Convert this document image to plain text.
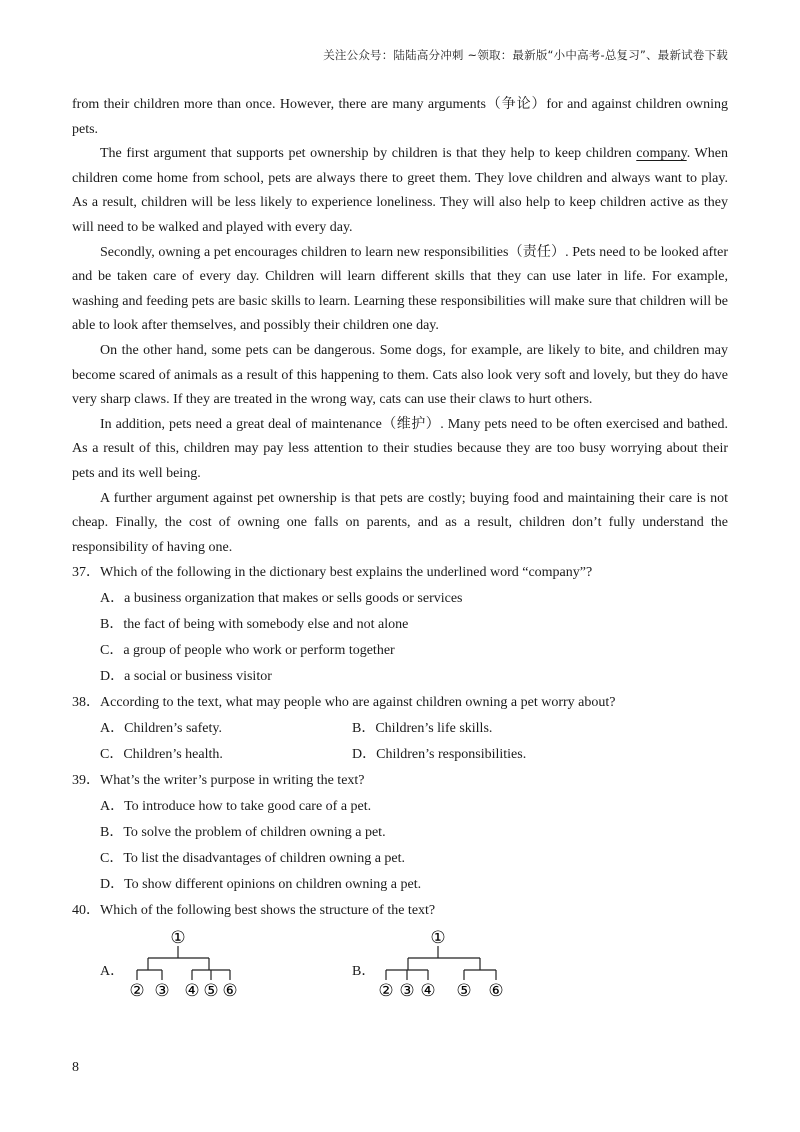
关注公众号：陆陆高分冲刺 ~领取：最新版“小中高考-总复习”、最新试卷下载

from their children more than once. However, there are many arguments（争论）for and against children owning pets.

The first argument that supports pet ownership by children is that they help to keep children company. When children come home from school, pets are always there to greet them. They love children and always want to play. As a result, children will be less likely to experience loneliness. They will also help to keep children active as they will need to be walked and played with every day.

Secondly, owning a pet encourages children to learn new responsibilities（责任）. Pets need to be looked after and be taken care of every day. Children will learn different skills that they can use later in life. For example, washing and feeding pets are basic skills to learn. Learning these responsibilities will make sure that children will be able to look after themselves, and possibly their children one day.

On the other hand, some pets can be dangerous. Some dogs, for example, are likely to bite, and children may become scared of animals as a result of this happening to them. Cats also look very soft and lovely, but they do have very sharp claws. If they are treated in the wrong way, cats can use their claws to hurt others.

In addition, pets need a great deal of maintenance（维护）. Many pets need to be often exercised and bathed. As a result of this, children may pay less attention to their studies because they are too busy worrying about their pets and its well being.

A further argument against pet ownership is that pets are costly; buying food and maintaining their care is not cheap. Finally, the cost of owning one falls on parents, and as a result, children don’t fully understand the responsibility of having one.

37．Which of the following in the dictionary best explains the underlined word “company”?

A．a business organization that makes or sells goods or services

B．the fact of being with somebody else and not alone

C．a group of people who work or perform together

D．a social or business visitor

38．According to the text, what may people who are against children owning a pet worry about?

A．Children’s safety.	B．Children’s life skills.
C．Children’s health.	D．Children’s responsibilities.

39．What’s the writer’s purpose in writing the text?

A．To introduce how to take good care of a pet.

B．To solve the problem of children owning a pet.

C．To list the disadvantages of children owning a pet.

D．To show different opinions on children owning a pet.

40．Which of the following best shows the structure of the text?

A．
①
② ③ ④ ⑤ ⑥
B．
①
② ③ ④ ⑤ ⑥
8
